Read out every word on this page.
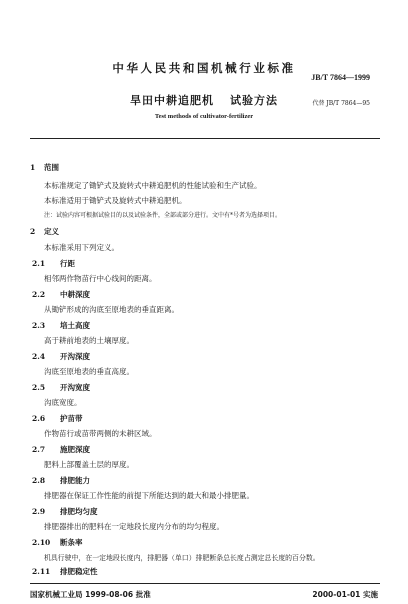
中华人民共和国机械行业标准
JB/T 7864—1999
旱田中耕追肥机 试验方法	代替 JB/T 7864—95
Test methods of cultivator-fertilizer
1 范围
本标准规定了锄铲式及旋转式中耕追肥机的性能试验和生产试验。
本标准适用于锄铲式及旋转式中耕追肥机。
注：试验内容可根据试验目的以及试验条件，全部或部分进行。文中有*号者为选择项目。
2 定义
本标准采用下列定义。
2.1 行距
相邻两作物苗行中心线间的距离。
2.2 中耕深度
从锄铲形成的沟底至原地表的垂直距离。
2.3 培土高度
高于耕前地表的土壤厚度。
2.4 开沟深度
沟底至原地表的垂直高度。
2.5 开沟宽度
沟底宽度。
2.6 护苗带
作物苗行或苗带两侧的未耕区域。
2.7 施肥深度
肥料上部覆盖土层的厚度。
2.8 排肥能力
排肥器在保证工作性能的前提下所能达到的最大和最小排肥量。
2.9 排肥均匀度
排肥器排出的肥料在一定地段长度内分布的均匀程度。
2.10 断条率
机具行驶中，在一定地段长度内，排肥器（单口）排肥断条总长度占测定总长度的百分数。
2.11 排肥稳定性
国家机械工业局 1999-08-06 批准	2000-01-01 实施
